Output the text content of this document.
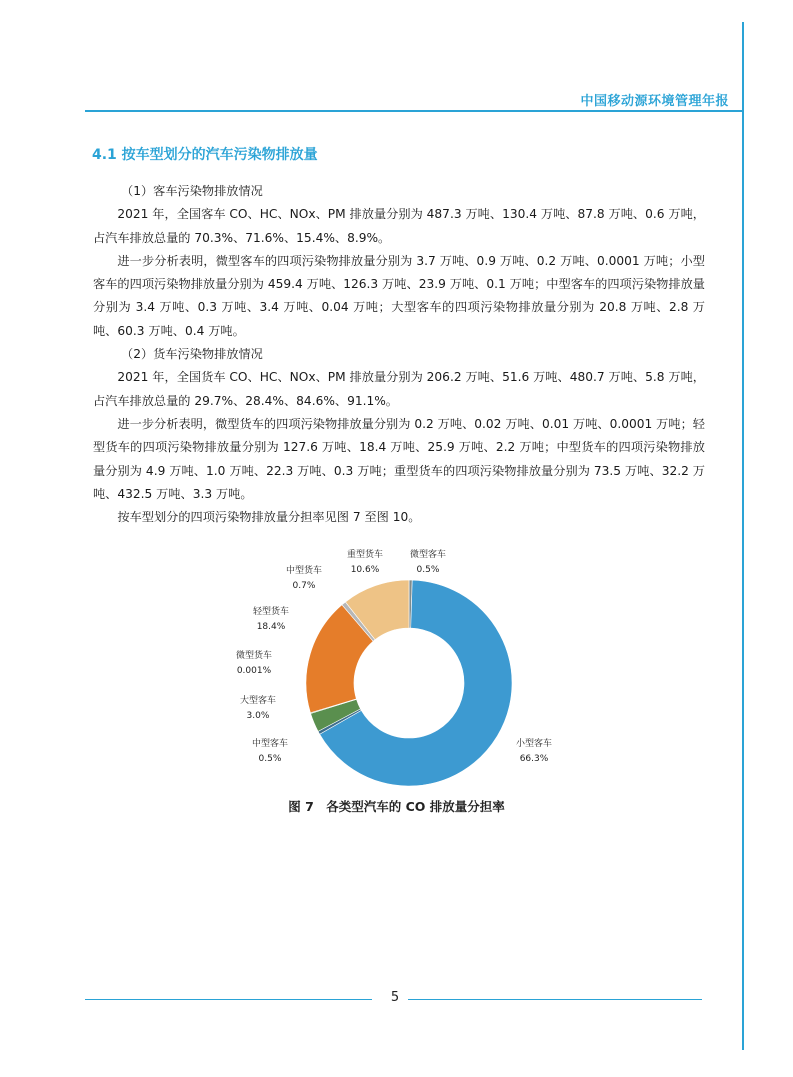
中国移动源环境管理年报
4.1 按车型划分的汽车污染物排放量

（1）客车污染物排放情况

2021 年，全国客车 CO、HC、NOx、PM 排放量分别为 487.3 万吨、130.4 万吨、87.8 万吨、0.6 万吨，占汽车排放总量的 70.3%、71.6%、15.4%、8.9%。

进一步分析表明，微型客车的四项污染物排放量分别为 3.7 万吨、0.9 万吨、0.2 万吨、0.0001 万吨；小型客车的四项污染物排放量分别为 459.4 万吨、126.3 万吨、23.9 万吨、0.1 万吨；中型客车的四项污染物排放量分别为 3.4 万吨、0.3 万吨、3.4 万吨、0.04 万吨；大型客车的四项污染物排放量分别为 20.8 万吨、2.8 万吨、60.3 万吨、0.4 万吨。

（2）货车污染物排放情况

2021 年，全国货车 CO、HC、NOx、PM 排放量分别为 206.2 万吨、51.6 万吨、480.7 万吨、5.8 万吨，占汽车排放总量的 29.7%、28.4%、84.6%、91.1%。

进一步分析表明，微型货车的四项污染物排放量分别为 0.2 万吨、0.02 万吨、0.01 万吨、0.0001 万吨；轻型货车的四项污染物排放量分别为 127.6 万吨、18.4 万吨、25.9 万吨、2.2 万吨；中型货车的四项污染物排放量分别为 4.9 万吨、1.0 万吨、22.3 万吨、0.3 万吨；重型货车的四项污染物排放量分别为 73.5 万吨、32.2 万吨、432.5 万吨、3.3 万吨。

按车型划分的四项污染物排放量分担率见图 7 至图 10。

微型客车
0.5%
小型客车
66.3%
中型客车
0.5%
大型客车
3.0%
微型货车
0.001%
轻型货车
18.4%
中型货车
0.7%
重型货车
10.6%
图 7　各类型汽车的 CO 排放量分担率
5
